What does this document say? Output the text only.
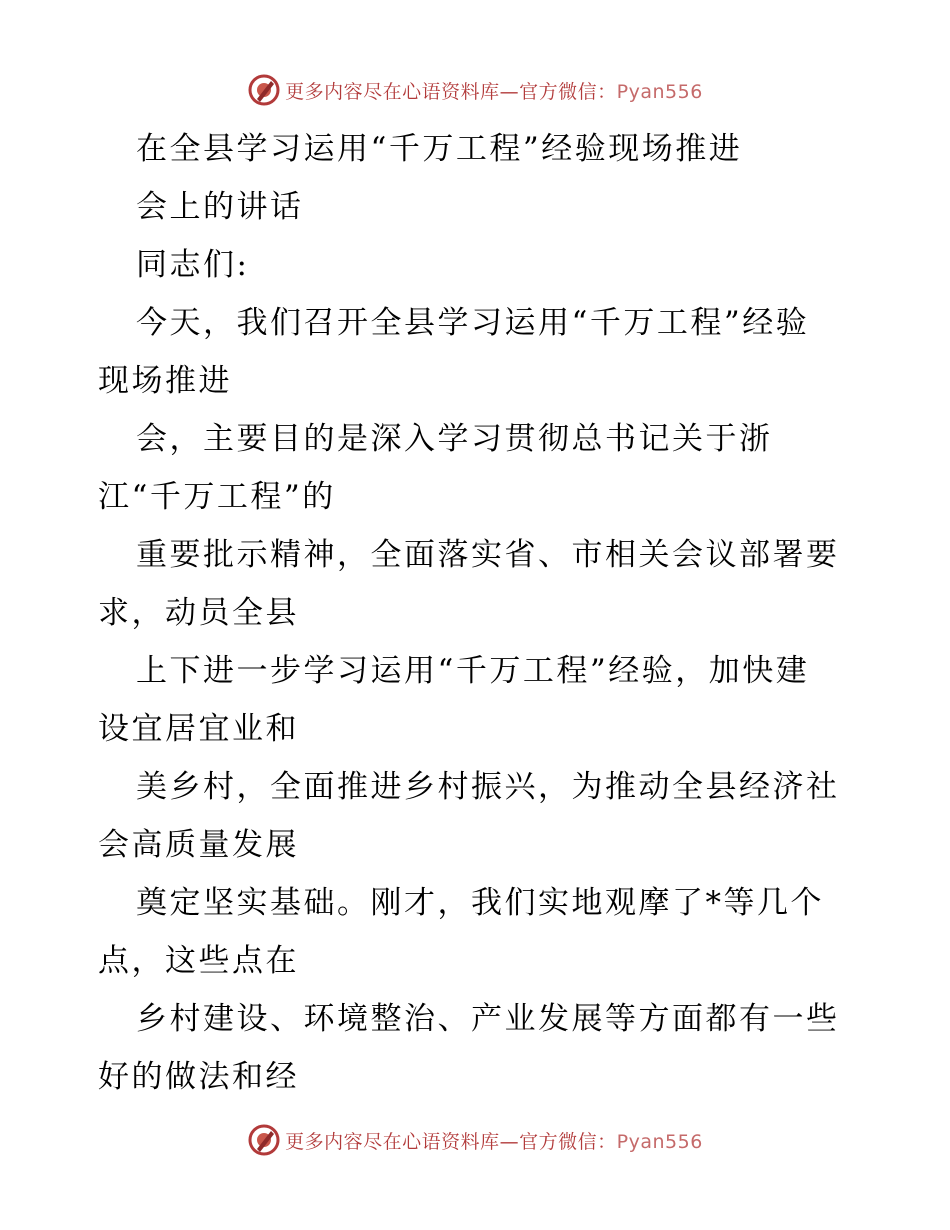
更多内容尽在心语资料库—官方微信：Pyan556
在全县学习运用“千万工程”经验现场推进
会上的讲话
同志们:
今天，我们召开全县学习运用“千万工程”经验
现场推进
会，主要目的是深入学习贯彻总书记关于浙
江“千万工程”的
重要批示精神，全面落实省、市相关会议部署要
求，动员全县
上下进一步学习运用“千万工程”经验，加快建
设宜居宜业和
美乡村，全面推进乡村振兴，为推动全县经济社
会高质量发展
奠定坚实基础。刚才，我们实地观摩了*等几个
点，这些点在
乡村建设、环境整治、产业发展等方面都有一些
好的做法和经
更多内容尽在心语资料库—官方微信：Pyan556
